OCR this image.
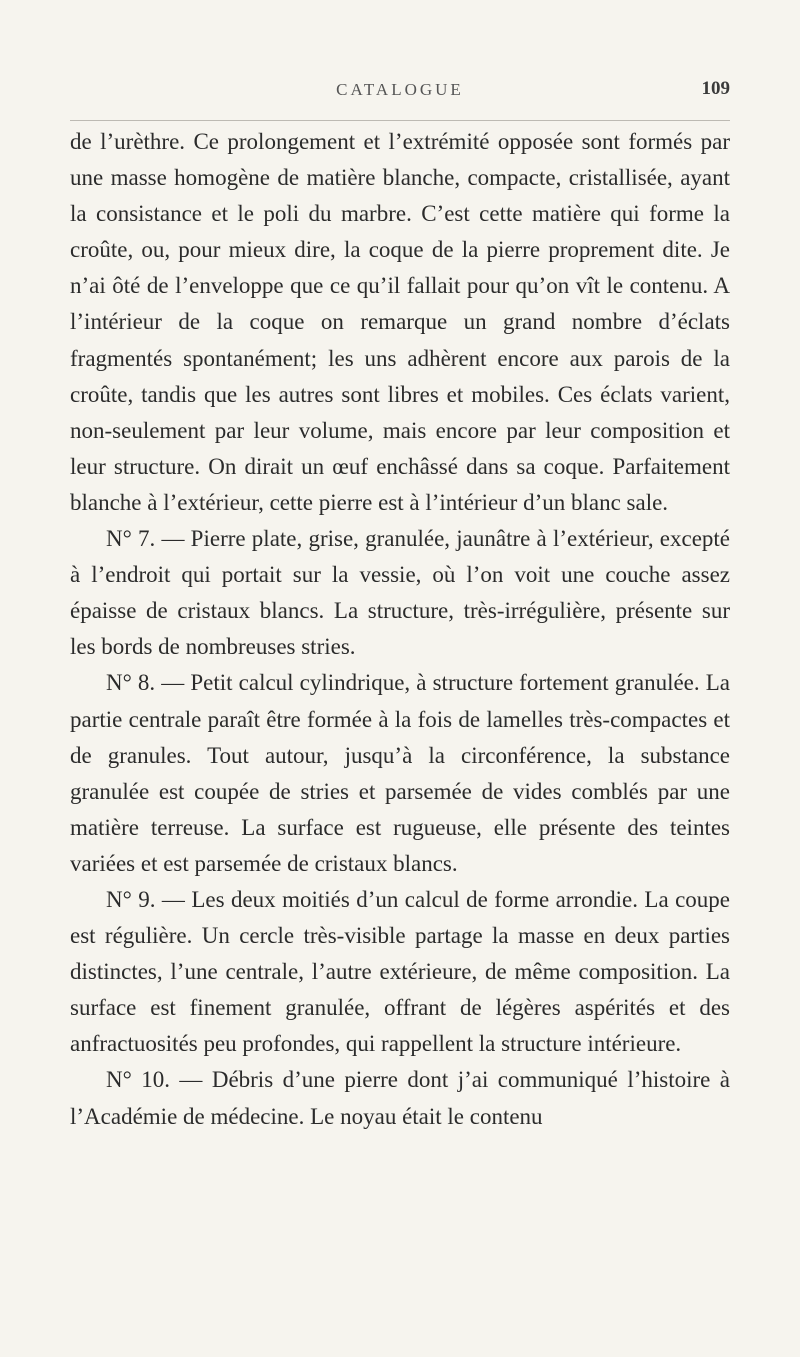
CATALOGUE	109

de l’urèthre. Ce prolongement et l’extrémité opposée sont formés par une masse homogène de matière blanche, compacte, cristallisée, ayant la consistance et le poli du marbre. C’est cette matière qui forme la croûte, ou, pour mieux dire, la coque de la pierre proprement dite. Je n’ai ôté de l’enveloppe que ce qu’il fallait pour qu’on vît le contenu. A l’intérieur de la coque on remarque un grand nombre d’éclats fragmentés spontanément; les uns adhèrent encore aux parois de la croûte, tandis que les autres sont libres et mobiles. Ces éclats varient, non-seulement par leur volume, mais encore par leur composition et leur structure. On dirait un œuf enchâssé dans sa coque. Parfaitement blanche à l’extérieur, cette pierre est à l’intérieur d’un blanc sale.

N° 7. — Pierre plate, grise, granulée, jaunâtre à l’extérieur, excepté à l’endroit qui portait sur la vessie, où l’on voit une couche assez épaisse de cristaux blancs. La structure, très-irrégulière, présente sur les bords de nombreuses stries.

N° 8. — Petit calcul cylindrique, à structure fortement granulée. La partie centrale paraît être formée à la fois de lamelles très-compactes et de granules. Tout autour, jusqu’à la circonférence, la substance granulée est coupée de stries et parsemée de vides comblés par une matière terreuse. La surface est rugueuse, elle présente des teintes variées et est parsemée de cristaux blancs.

N° 9. — Les deux moitiés d’un calcul de forme arrondie. La coupe est régulière. Un cercle très-visible partage la masse en deux parties distinctes, l’une centrale, l’autre extérieure, de même composition. La surface est finement granulée, offrant de légères aspérités et des anfractuosités peu profondes, qui rappellent la structure intérieure.

N° 10. — Débris d’une pierre dont j’ai communiqué l’histoire à l’Académie de médecine. Le noyau était le contenu
